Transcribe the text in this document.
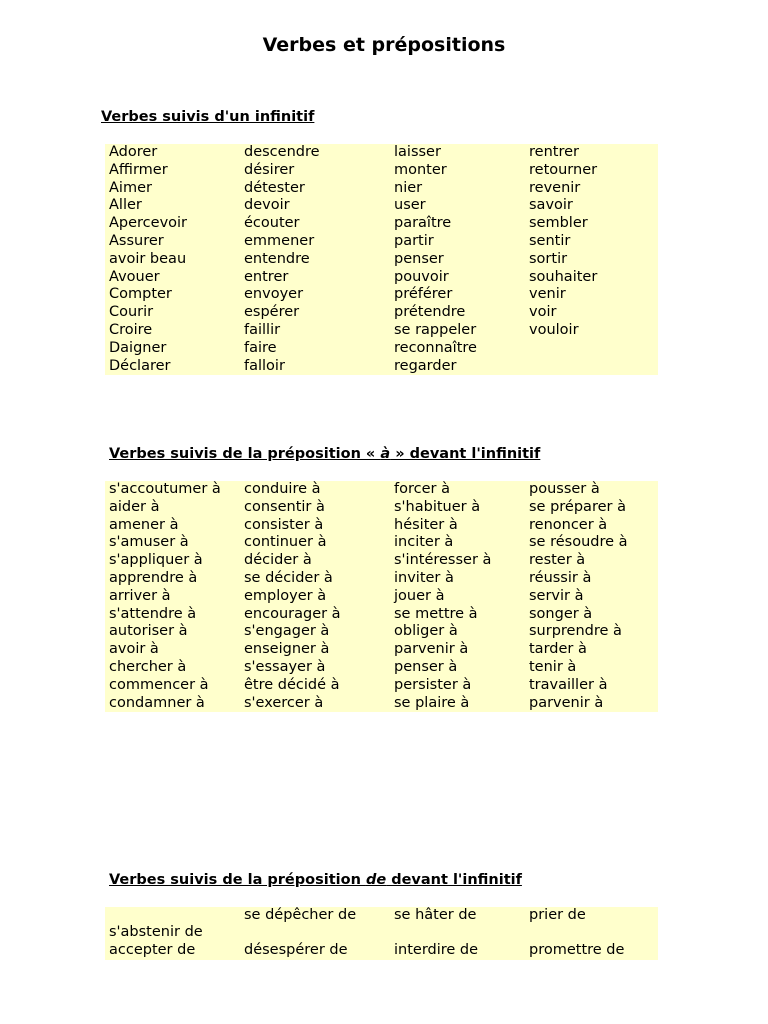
Verbes et prépositions
Verbes suivis d'un infinitif
Adorer	descendre	laisser	rentrer
Affirmer	désirer	monter	retourner
Aimer	détester	nier	revenir
Aller	devoir	user	savoir
Apercevoir	écouter	paraître	sembler
Assurer	emmener	partir	sentir
avoir beau	entendre	penser	sortir
Avouer	entrer	pouvoir	souhaiter
Compter	envoyer	préférer	venir
Courir	espérer	prétendre	voir
Croire	faillir	se rappeler	vouloir
Daigner	faire	reconnaître	
Déclarer	falloir	regarder	
Verbes suivis de la préposition « à » devant l'infinitif
s'accoutumer à	conduire à	forcer à	pousser à
aider à	consentir à	s'habituer à	se préparer à
amener à	consister à	hésiter à	renoncer à
s'amuser à	continuer à	inciter à	se résoudre à
s'appliquer à	décider à	s'intéresser à	rester à
apprendre à	se décider à	inviter à	réussir à
arriver à	employer à	jouer à	servir à
s'attendre à	encourager à	se mettre à	songer à
autoriser à	s'engager à	obliger à	surprendre à
avoir à	enseigner à	parvenir à	tarder à
chercher à	s'essayer à	penser à	tenir à
commencer à	être décidé à	persister à	travailler à
condamner à	s'exercer à	se plaire à	parvenir à
Verbes suivis de la préposition de devant l'infinitif
s'abstenir de	se dépêcher de	se hâter de	prier de
accepter de	désespérer de	interdire de	promettre de
